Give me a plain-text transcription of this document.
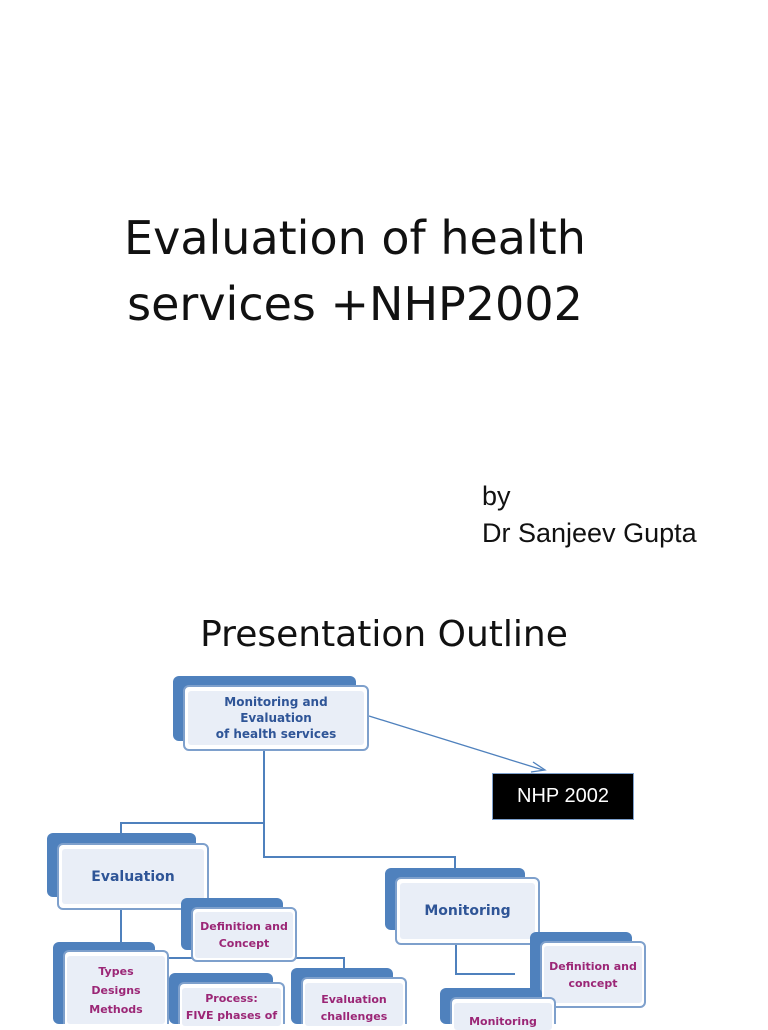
Evaluation of health
services +NHP2002
by
Dr Sanjeev Gupta
Presentation Outline
Monitoring and Evaluation
of health services
NHP 2002
Evaluation
Monitoring
Definition and
Concept
Types
Designs
Methods
Process:
FIVE phases of
Evaluation
challenges
Definition and
concept
Monitoring
